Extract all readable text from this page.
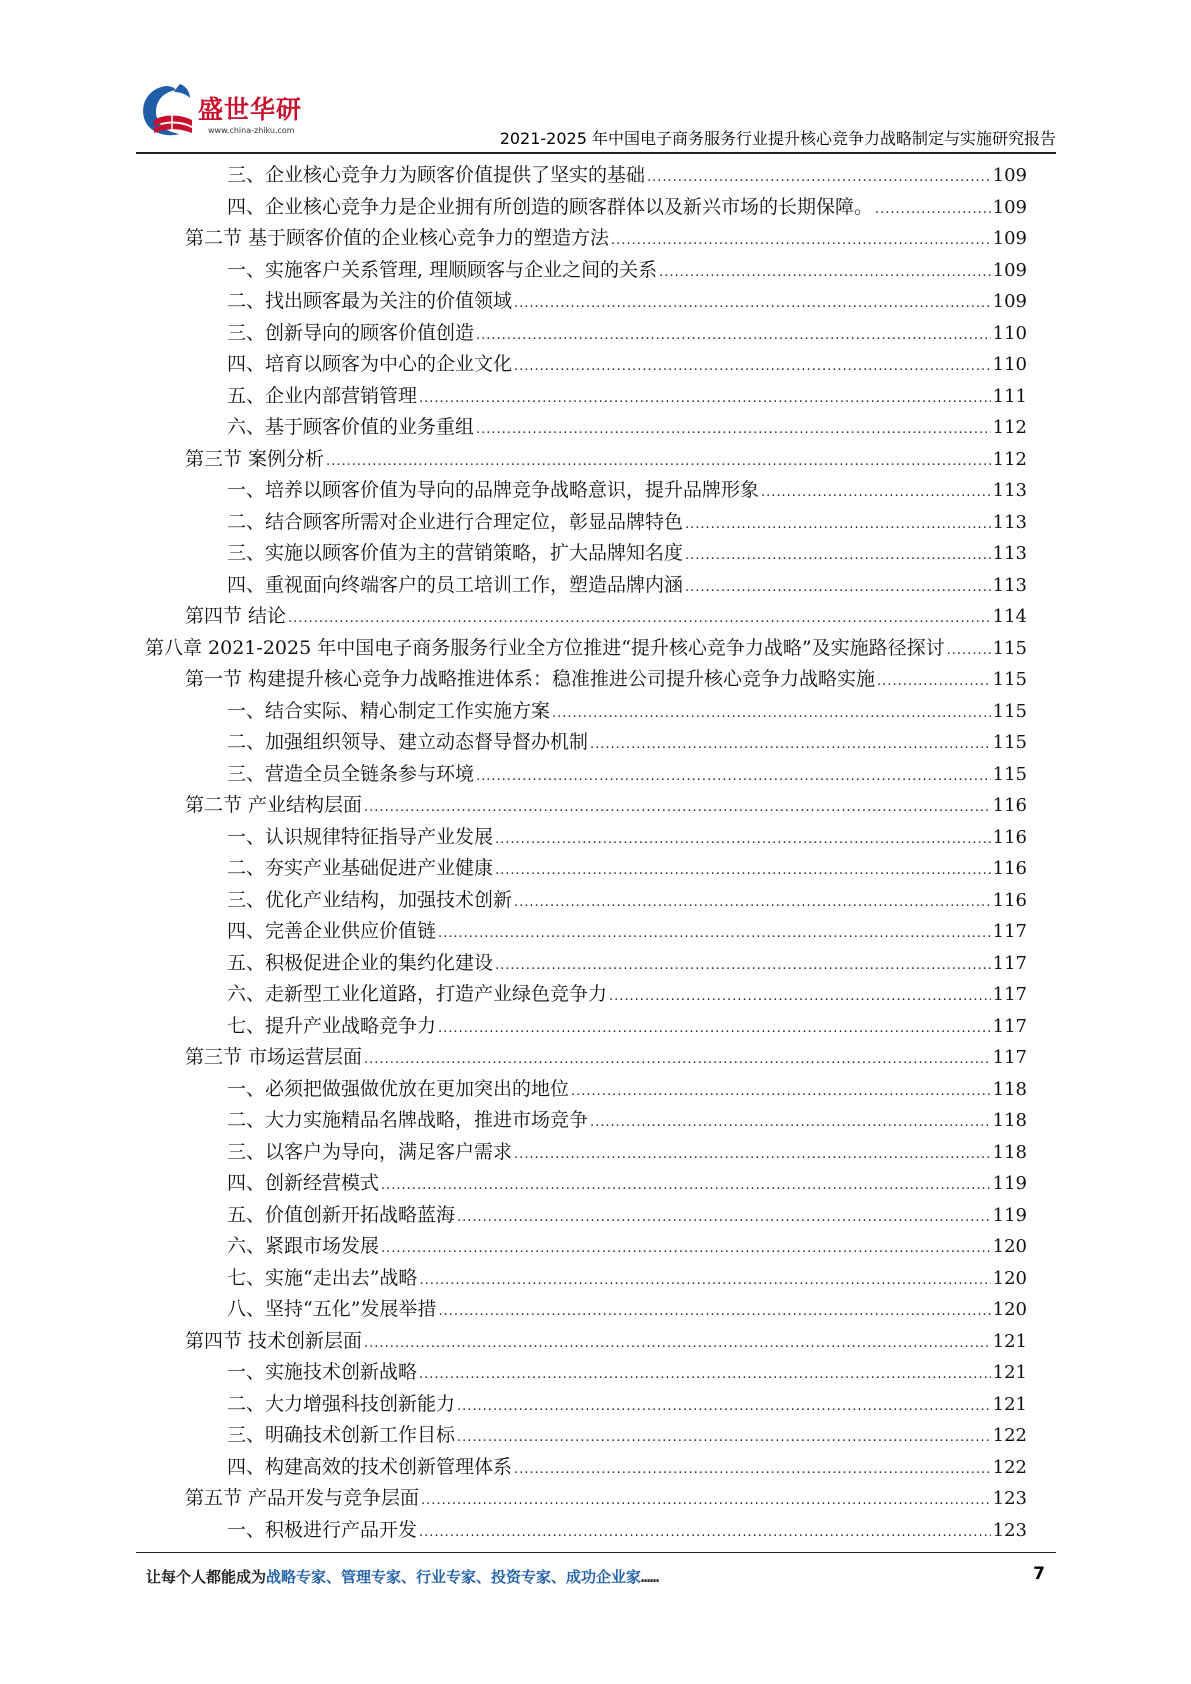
盛世华研
www.china-zhiku.com	2021-2025 年中国电子商务服务行业提升核心竞争力战略制定与实施研究报告
三、企业核心竞争力为顾客价值提供了坚实的基础 .....	109
四、企业核心竞争力是企业拥有所创造的顾客群体以及新兴市场的长期保障。 .....	109
第二节 基于顾客价值的企业核心竞争力的塑造方法 .....	109
一、实施客户关系管理, 理顺顾客与企业之间的关系 .....	109
二、找出顾客最为关注的价值领域 .....	109
三、创新导向的顾客价值创造 .....	110
四、培育以顾客为中心的企业文化 .....	110
五、企业内部营销管理 .....	111
六、基于顾客价值的业务重组 .....	112
第三节 案例分析 .....	112
一、培养以顾客价值为导向的品牌竞争战略意识，提升品牌形象 .....	113
二、结合顾客所需对企业进行合理定位，彰显品牌特色 .....	113
三、实施以顾客价值为主的营销策略，扩大品牌知名度 .....	113
四、重视面向终端客户的员工培训工作，塑造品牌内涵 .....	113
第四节 结论 .....	114
第八章 2021-2025 年中国电子商务服务行业全方位推进“提升核心竞争力战略”及实施路径探讨 .....	115
第一节 构建提升核心竞争力战略推进体系：稳准推进公司提升核心竞争力战略实施 .....	115
一、结合实际、精心制定工作实施方案 .....	115
二、加强组织领导、建立动态督导督办机制 .....	115
三、营造全员全链条参与环境 .....	115
第二节 产业结构层面 .....	116
一、认识规律特征指导产业发展 .....	116
二、夯实产业基础促进产业健康 .....	116
三、优化产业结构，加强技术创新 .....	116
四、完善企业供应价值链 .....	117
五、积极促进企业的集约化建设 .....	117
六、走新型工业化道路，打造产业绿色竞争力 .....	117
七、提升产业战略竞争力 .....	117
第三节 市场运营层面 .....	117
一、必须把做强做优放在更加突出的地位 .....	118
二、大力实施精品名牌战略，推进市场竞争 .....	118
三、以客户为导向，满足客户需求 .....	118
四、创新经营模式 .....	119
五、价值创新开拓战略蓝海 .....	119
六、紧跟市场发展 .....	120
七、实施“走出去”战略 .....	120
八、坚持“五化”发展举措 .....	120
第四节 技术创新层面 .....	121
一、实施技术创新战略 .....	121
二、大力增强科技创新能力 .....	121
三、明确技术创新工作目标 .....	122
四、构建高效的技术创新管理体系 .....	122
第五节 产品开发与竞争层面 .....	123
一、积极进行产品开发 .....	123
让每个人都能成为战略专家、管理专家、行业专家、投资专家、成功企业家……	7
